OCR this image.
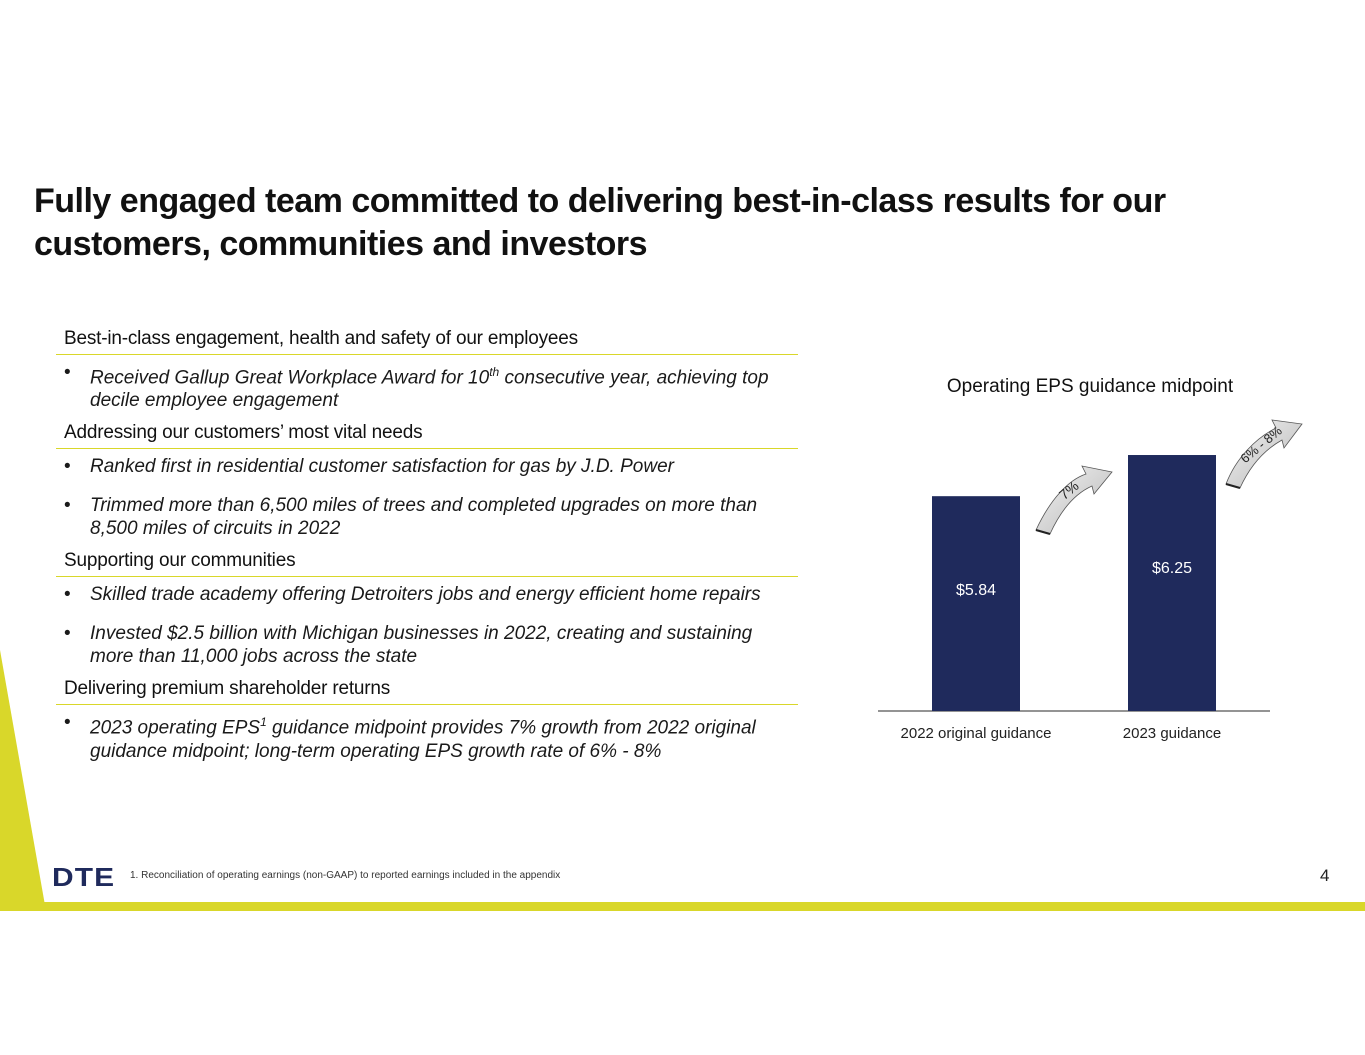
Fully engaged team committed to delivering best-in-class results for our customers, communities and investors
Best-in-class engagement, health and safety of our employees
• Received Gallup Great Workplace Award for 10th consecutive year, achieving top decile employee engagement
Addressing our customers’ most vital needs
• Ranked first in residential customer satisfaction for gas by J.D. Power
• Trimmed more than 6,500 miles of trees and completed upgrades on more than 8,500 miles of circuits in 2022
Supporting our communities
• Skilled trade academy offering Detroiters jobs and energy efficient home repairs
• Invested $2.5 billion with Michigan businesses in 2022, creating and sustaining more than 11,000 jobs across the state
Delivering premium shareholder returns
• 2023 operating EPS$^1$ guidance midpoint provides 7% growth from 2022 original guidance midpoint; long-term operating EPS growth rate of 6% - 8%
Operating EPS guidance midpoint
$5.84
$6.25
2022 original guidance	2023 guidance
7%
6% - 8%
DTE 1. Reconciliation of operating earnings (non-GAAP) to reported earnings included in the appendix	4
